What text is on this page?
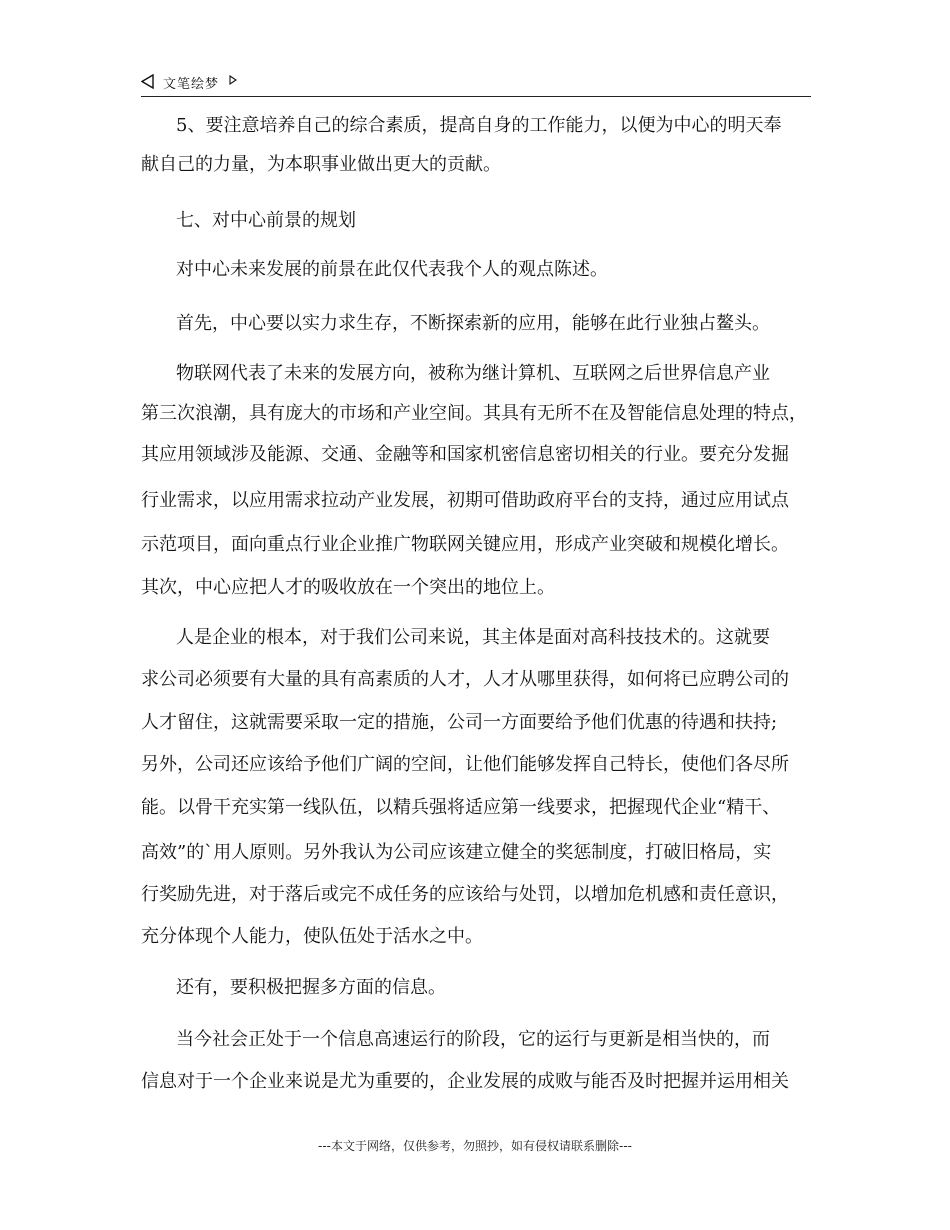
文笔绘梦

5、要注意培养自己的综合素质，提高自身的工作能力，以便为中心的明天奉

献自己的力量，为本职事业做出更大的贡献。

七、对中心前景的规划

对中心未来发展的前景在此仅代表我个人的观点陈述。

首先，中心要以实力求生存，不断探索新的应用，能够在此行业独占鳌头。

物联网代表了未来的发展方向，被称为继计算机、互联网之后世界信息产业

第三次浪潮，具有庞大的市场和产业空间。其具有无所不在及智能信息处理的特点，

其应用领域涉及能源、交通、金融等和国家机密信息密切相关的行业。要充分发掘

行业需求，以应用需求拉动产业发展，初期可借助政府平台的支持，通过应用试点

示范项目，面向重点行业企业推广物联网关键应用，形成产业突破和规模化增长。

其次，中心应把人才的吸收放在一个突出的地位上。

人是企业的根本，对于我们公司来说，其主体是面对高科技技术的。这就要

求公司必须要有大量的具有高素质的人才，人才从哪里获得，如何将已应聘公司的

人才留住，这就需要采取一定的措施，公司一方面要给予他们优惠的待遇和扶持;

另外，公司还应该给予他们广阔的空间，让他们能够发挥自己特长，使他们各尽所

能。以骨干充实第一线队伍，以精兵强将适应第一线要求，把握现代企业“精干、

高效”的`用人原则。另外我认为公司应该建立健全的奖惩制度，打破旧格局，实

行奖励先进，对于落后或完不成任务的应该给与处罚，以增加危机感和责任意识，

充分体现个人能力，使队伍处于活水之中。

还有，要积极把握多方面的信息。

当今社会正处于一个信息高速运行的阶段，它的运行与更新是相当快的，而

信息对于一个企业来说是尤为重要的，企业发展的成败与能否及时把握并运用相关

---本文于网络，仅供参考，勿照抄，如有侵权请联系删除---
